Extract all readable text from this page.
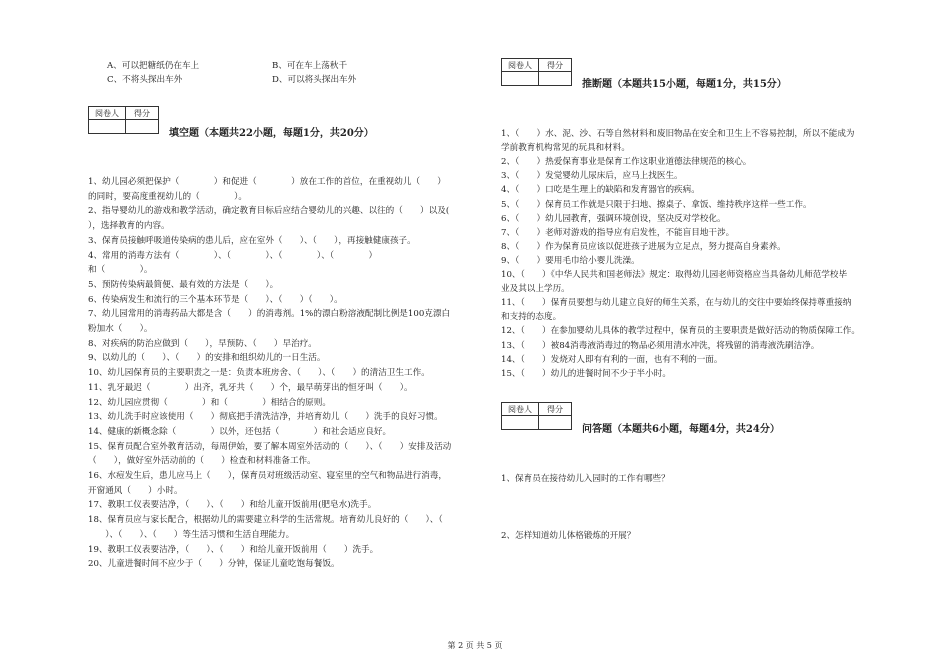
A、可以把糖纸仍在车上	B、可在车上荡秋千
C、不将头探出车外	D、可以将头探出车外
阅卷人	得分

填空题（本题共22小题，每题1分，共20分）
1、幼儿园必须把保护（　　　　）和促进（　　　　）放在工作的首位，在重视幼儿（　　）
的同时，要高度重视幼儿的（　　　　）。
2、指导婴幼儿的游戏和教学活动，确定教育目标后应结合婴幼儿的兴趣、以往的（　　）以及(
），选择教育的内容。
3、保育员接触呼吸道传染病的患儿后，应在室外（　　）、（　　），再接触健康孩子。
4、常用的消毒方法有（　　　　）、（　　　　）、（　　　　）、（　　　　）
和（　　　　）。
5、预防传染病最简便、最有效的方法是（　　）。
6、传染病发生和流行的三个基本环节是（　　）、（　　）（　　）。
7、幼儿园常用的消毒药品大都是含（　　）的消毒剂。1%的漂白粉溶液配制比例是100克漂白
粉加水（　　）。
8、对疾病的防治应做到（　　），早预防、（　　）早治疗。
9、以幼儿的（　　）、（　　）的安排和组织幼儿的一日生活。
10、幼儿园保育员的主要职责之一是：负责本班房舍、（　　）、（　　）的清洁卫生工作。
11、乳牙最迟（　　　　）出齐，乳牙共（　　）个，最早萌芽出的恒牙叫（　　）。
12、幼儿园应贯彻（　　　　）和（　　　　）相结合的原则。
13、幼儿洗手时应该使用（　　）彻底把手清洗洁净，并培育幼儿（　　）洗手的良好习惯。
14、健康的新概念除（　　　　）以外，还包括（　　　　）和社会适应良好。
15、保育员配合室外教育活动，每周伊始，要了解本周室外活动的（　　）、（　　）安排及活动
（　　），做好室外活动前的（　　）检查和材料准备工作。
16、水痘发生后，患儿应马上（　　），保育员对班级活动室、寝室里的空气和物品进行消毒，
开窗通风（　　）小时。
17、教职工仪表要洁净，（　　）、（　　）和给儿童开饭前用(肥皂水)洗手。
18、保育员应与家长配合，根据幼儿的需要建立科学的生活常规。培育幼儿良好的（　　）、（
　　）、（　　）、（　　）等生活习惯和生活自理能力。
19、教职工仪表要洁净，（　　）、（　　）和给儿童开饭前用（　　）洗手。
20、儿童进餐时间不应少于（　　）分钟，保证儿童吃饱每餐饭。
阅卷人	得分

推断题（本题共15小题，每题1分，共15分）
1、（　　）水、泥、沙、石等自然材料和废旧物品在安全和卫生上不容易控制，所以不能成为
学前教育机构常见的玩具和材料。
2、（　　）热爱保育事业是保育工作这职业道德法律规范的核心。
3、（　　）发觉婴幼儿尿床后，应马上找医生。
4、（　　）口吃是生理上的缺陷和发育器官的疾病。
5、（　　）保育员工作就是只限于扫地、擦桌子、拿饭、维持秩序这样一些工作。
6、（　　）幼儿园教育，强调环境创设，坚决反对学校化。
7、（　　）老师对游戏的指导应有启发性，不能盲目地干涉。
8、（　　）作为保育员应该以促进孩子进展为立足点，努力提高自身素养。
9、（　　）要用毛巾给小婴儿洗澡。
10、（　　）《中华人民共和国老师法》规定：取得幼儿园老师资格应当具备幼儿师范学校毕
业及其以上学历。
11、（　　）保育员要想与幼儿建立良好的师生关系，在与幼儿的交往中要始终保持尊重接纳
和支持的态度。
12、（　　）在参加婴幼儿具体的教学过程中，保育员的主要职责是做好活动的物质保障工作。
13、（　　）被84消毒液消毒过的物品必须用清水冲洗，将残留的消毒液洗刷洁净。
14、（　　）发烧对人即有有利的一面，也有不利的一面。
15、（　　）幼儿的进餐时间不少于半小时。
阅卷人	得分

问答题（本题共6小题，每题4分，共24分）
1、保育员在接待幼儿入园时的工作有哪些？
2、怎样知道幼儿体格锻炼的开展？
第 2 页 共 5 页
